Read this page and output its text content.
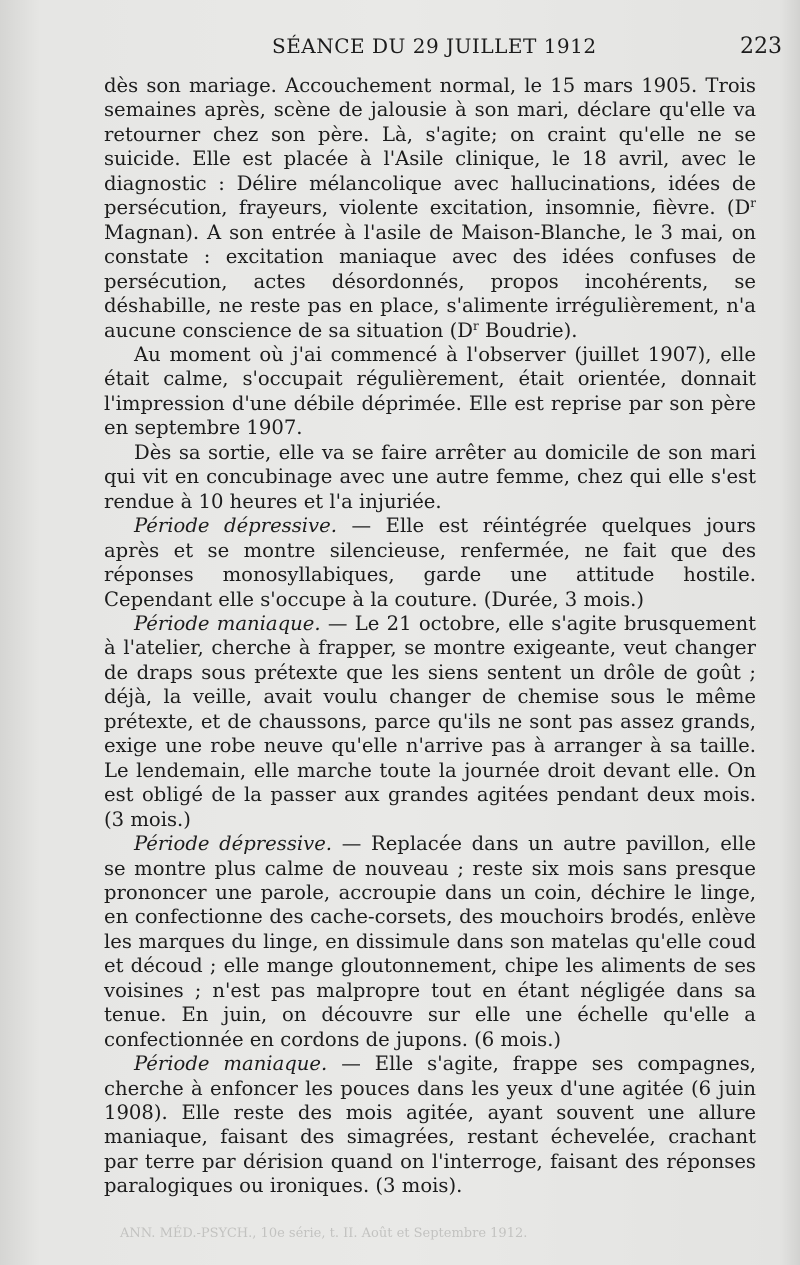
SÉANCE DU 29 JUILLET 1912	223

dès son mariage. Accouchement normal, le 15 mars 1905. Trois semaines après, scène de jalousie à son mari, déclare qu'elle va retourner chez son père. Là, s'agite; on craint qu'elle ne se suicide. Elle est placée à l'Asile clinique, le 18 avril, avec le diagnostic : Délire mélancolique avec hallucinations, idées de persécution, frayeurs, violente excitation, insomnie, fièvre. ($D^r$ Magnan). A son entrée à l'asile de Maison-Blanche, le 3 mai, on constate : excitation maniaque avec des idées confuses de persécution, actes désordonnés, propos incohérents, se déshabille, ne reste pas en place, s'alimente irrégulièrement, n'a aucune conscience de sa situation ($D^r$ Boudrie).

Au moment où j'ai commencé à l'observer (juillet 1907), elle était calme, s'occupait régulièrement, était orientée, donnait l'impression d'une débile déprimée. Elle est reprise par son père en septembre 1907.

Dès sa sortie, elle va se faire arrêter au domicile de son mari qui vit en concubinage avec une autre femme, chez qui elle s'est rendue à 10 heures et l'a injuriée.

Période dépressive. — Elle est réintégrée quelques jours après et se montre silencieuse, renfermée, ne fait que des réponses monosyllabiques, garde une attitude hostile. Cependant elle s'occupe à la couture. (Durée, 3 mois.)

Période maniaque. — Le 21 octobre, elle s'agite brusquement à l'atelier, cherche à frapper, se montre exigeante, veut changer de draps sous prétexte que les siens sentent un drôle de goût ; déjà, la veille, avait voulu changer de chemise sous le même prétexte, et de chaussons, parce qu'ils ne sont pas assez grands, exige une robe neuve qu'elle n'arrive pas à arranger à sa taille. Le lendemain, elle marche toute la journée droit devant elle. On est obligé de la passer aux grandes agitées pendant deux mois. (3 mois.)

Période dépressive. — Replacée dans un autre pavillon, elle se montre plus calme de nouveau ; reste six mois sans presque prononcer une parole, accroupie dans un coin, déchire le linge, en confectionne des cache-corsets, des mouchoirs brodés, enlève les marques du linge, en dissimule dans son matelas qu'elle coud et découd ; elle mange gloutonnement, chipe les aliments de ses voisines ; n'est pas malpropre tout en étant négligée dans sa tenue. En juin, on découvre sur elle une échelle qu'elle a confectionnée en cordons de jupons. (6 mois.)

Période maniaque. — Elle s'agite, frappe ses compagnes, cherche à enfoncer les pouces dans les yeux d'une agitée (6 juin 1908). Elle reste des mois agitée, ayant souvent une allure maniaque, faisant des simagrées, restant échevelée, crachant par terre par dérision quand on l'interroge, faisant des réponses paralogiques ou ironiques. (3 mois).

ANN. MÉD.-PSYCH., 10e série, t. II. Août et Septembre 1912.
